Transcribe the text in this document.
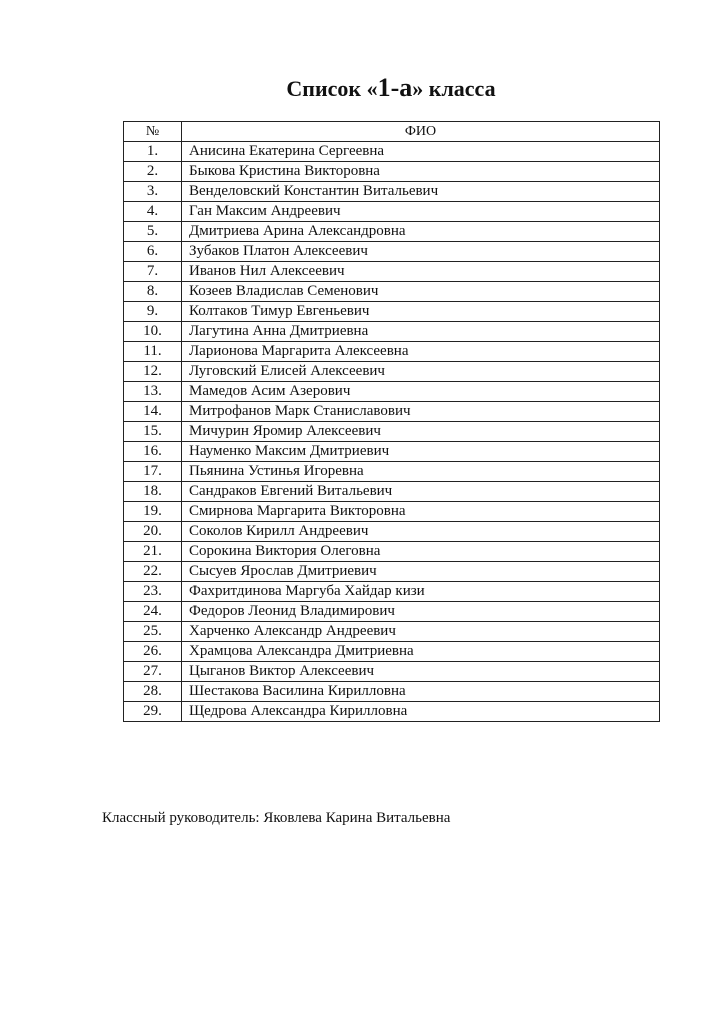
Список «1-а» класса
№	ФИО
1.	Анисина Екатерина Сергеевна
2.	Быкова Кристина Викторовна
3.	Венделовский Константин Витальевич
4.	Ган Максим Андреевич
5.	Дмитриева Арина Александровна
6.	Зубаков Платон Алексеевич
7.	Иванов Нил Алексеевич
8.	Козеев Владислав Семенович
9.	Колтаков Тимур Евгеньевич
10.	Лагутина Анна Дмитриевна
11.	Ларионова Маргарита Алексеевна
12.	Луговский Елисей Алексеевич
13.	Мамедов Асим Азерович
14.	Митрофанов Марк Станиславович
15.	Мичурин Яромир Алексеевич
16.	Науменко Максим Дмитриевич
17.	Пьянина Устинья Игоревна
18.	Сандраков Евгений Витальевич
19.	Смирнова Маргарита Викторовна
20.	Соколов Кирилл Андреевич
21.	Сорокина Виктория Олеговна
22.	Сысуев Ярослав Дмитриевич
23.	Фахритдинова Маргуба Хайдар кизи
24.	Федоров Леонид Владимирович
25.	Харченко Александр Андреевич
26.	Храмцова Александра Дмитриевна
27.	Цыганов Виктор Алексеевич
28.	Шестакова Василина Кирилловна
29.	Щедрова Александра Кирилловна
Классный руководитель: Яковлева Карина Витальевна
